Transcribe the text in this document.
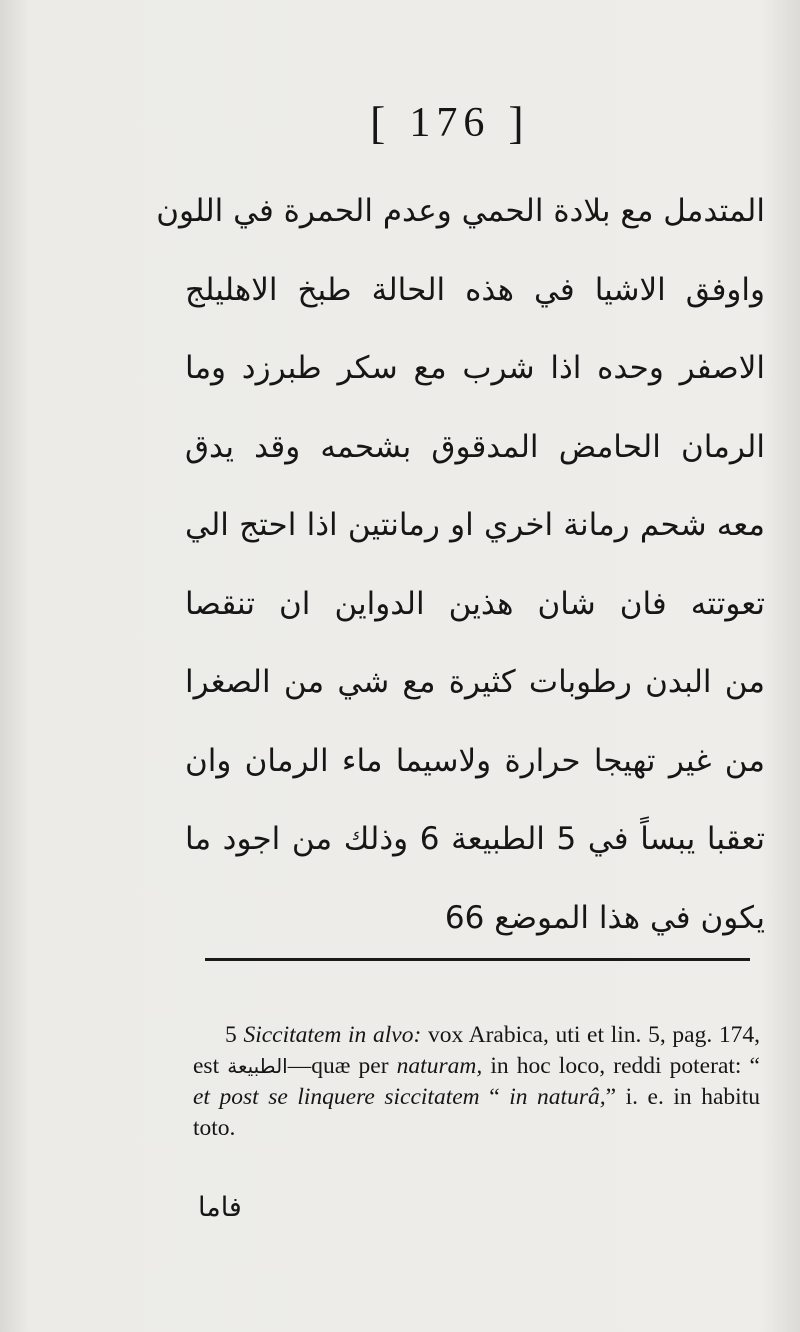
[ 176 ]
المتدمل مع بلادة الحمي وعدم الحمرة في اللون
واوفق الاشيا في هذه الحالة طبخ الاهليلج
الاصفر وحده اذا شرب مع سكر طبرزد وما
الرمان الحامض المدقوق بشحمه وقد يدق
معه شحم رمانة اخري او رمانتين اذا احتج الي
تعوتته فان شان هذين الدواين ان تنقصا
من البدن رطوبات كثيرة مع شي من الصغرا
من غير تهيجا حرارة ولاسيما ماء الرمان وان
تعقبا يبساً في 5 الطبيعة 6 وذلك من اجود ما
يكون في هذا الموضع 66
5 Siccitatem in alvo: vox Arabica, uti et lin. 5, pag. 174, est الطبيعة—quæ per naturam, in hoc loco, reddi poterat: “ et post se linquere siccitatem “ in naturâ,” i. e. in habitu toto.
فاما
